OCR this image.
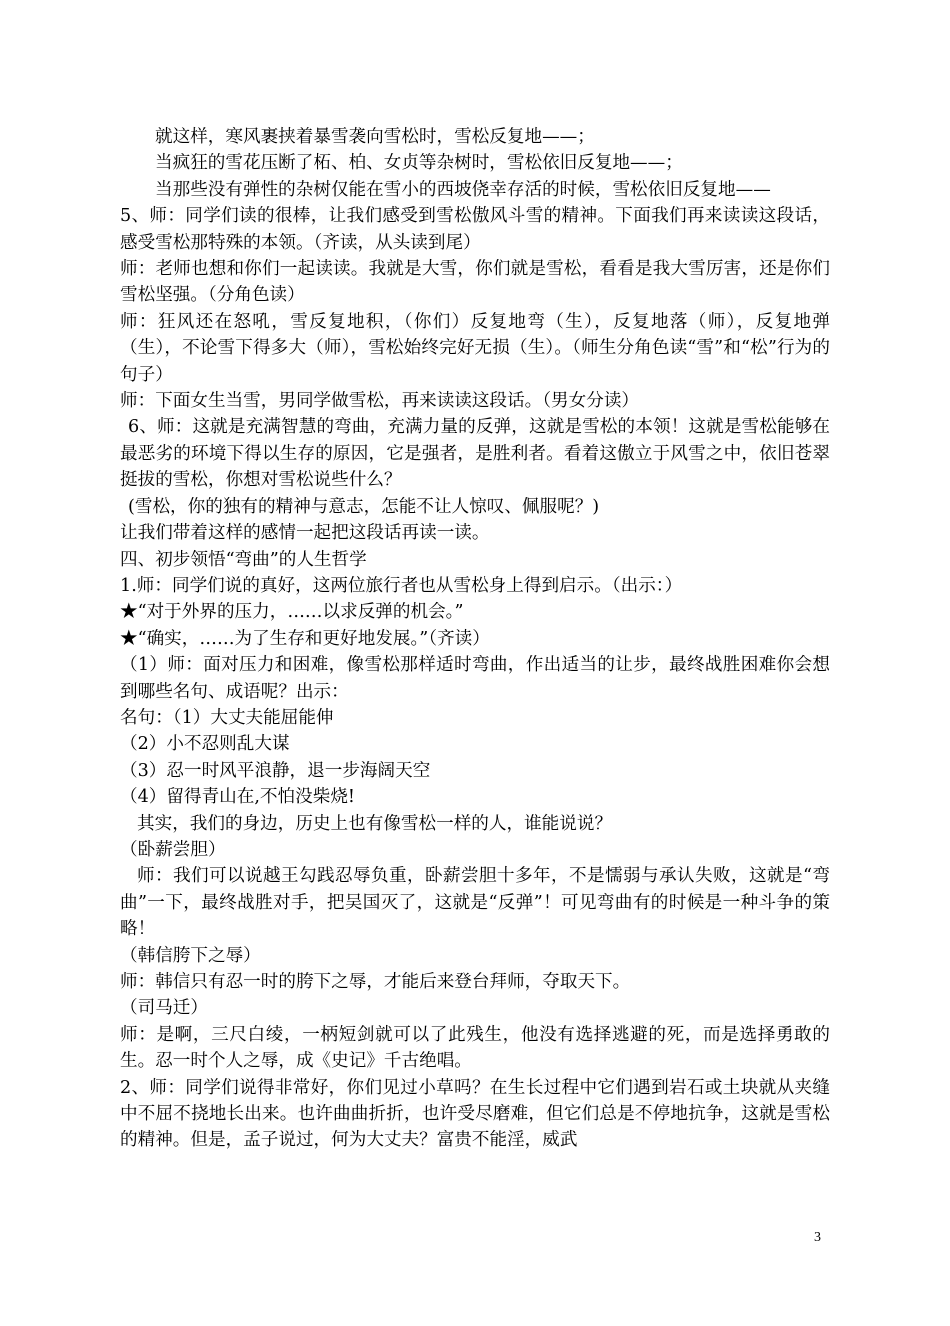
就这样，寒风裹挟着暴雪袭向雪松时，雪松反复地——；

当疯狂的雪花压断了柘、柏、女贞等杂树时，雪松依旧反复地——；

当那些没有弹性的杂树仅能在雪小的西坡侥幸存活的时候，雪松依旧反复地——

5、师：同学们读的很棒，让我们感受到雪松傲风斗雪的精神。下面我们再来读读这段话，感受雪松那特殊的本领。（齐读，从头读到尾）

师：老师也想和你们一起读读。我就是大雪，你们就是雪松，看看是我大雪厉害，还是你们雪松坚强。（分角色读）

师：狂风还在怒吼，雪反复地积，（你们）反复地弯（生），反复地落（师），反复地弹（生），不论雪下得多大（师），雪松始终完好无损（生）。（师生分角色读“雪”和“松”行为的句子）

师：下面女生当雪，男同学做雪松，再来读读这段话。（男女分读）

6、师：这就是充满智慧的弯曲，充满力量的反弹，这就是雪松的本领！这就是雪松能够在最恶劣的环境下得以生存的原因，它是强者，是胜利者。看着这傲立于风雪之中，依旧苍翠挺拔的雪松，你想对雪松说些什么？

(雪松，你的独有的精神与意志，怎能不让人惊叹、佩服呢？)

让我们带着这样的感情一起把这段话再读一读。

四、初步领悟“弯曲”的人生哲学

1.师：同学们说的真好，这两位旅行者也从雪松身上得到启示。（出示：）

★“对于外界的压力，……以求反弹的机会。”

★“确实，……为了生存和更好地发展。”（齐读）

（1）师：面对压力和困难，像雪松那样适时弯曲，作出适当的让步，最终战胜困难你会想到哪些名句、成语呢？出示：

名句：（1）大丈夫能屈能伸

（2）小不忍则乱大谋

（3）忍一时风平浪静，退一步海阔天空

（4）留得青山在,不怕没柴烧!

其实，我们的身边，历史上也有像雪松一样的人，谁能说说？

（卧薪尝胆）

师：我们可以说越王勾践忍辱负重，卧薪尝胆十多年，不是懦弱与承认失败，这就是“弯曲”一下，最终战胜对手，把吴国灭了，这就是“反弹”！可见弯曲有的时候是一种斗争的策略！

（韩信胯下之辱）

师：韩信只有忍一时的胯下之辱，才能后来登台拜师，夺取天下。

（司马迁）

师：是啊，三尺白绫，一柄短剑就可以了此残生，他没有选择逃避的死，而是选择勇敢的生。忍一时个人之辱，成《史记》千古绝唱。

2、师：同学们说得非常好，你们见过小草吗？在生长过程中它们遇到岩石或土块就从夹缝中不屈不挠地长出来。也许曲曲折折，也许受尽磨难，但它们总是不停地抗争，这就是雪松的精神。但是，孟子说过，何为大丈夫？富贵不能淫，威武

3
